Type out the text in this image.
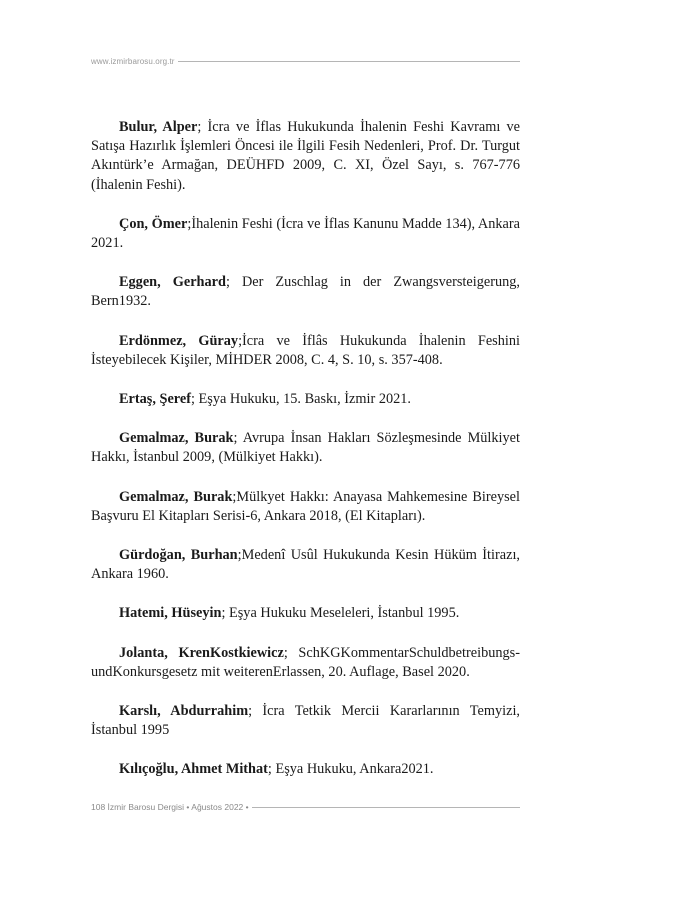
www.izmirbarosu.org.tr

Bulur, Alper; İcra ve İflas Hukukunda İhalenin Feshi Kavramı ve Satışa Hazırlık İşlemleri Öncesi ile İlgili Fesih Nedenleri, Prof. Dr. Turgut Akıntürk’e Armağan, DEÜHFD 2009, C. XI, Özel Sayı, s. 767-776 (İhalenin Feshi).

Çon, Ömer;İhalenin Feshi (İcra ve İflas Kanunu Madde 134), Ankara 2021.

Eggen, Gerhard; Der Zuschlag in der Zwangsversteigerung, Bern1932.

Erdönmez, Güray;İcra ve İflâs Hukukunda İhalenin Feshini İsteyebilecek Kişiler, MİHDER 2008, C. 4, S. 10, s. 357-408.

Ertaş, Şeref; Eşya Hukuku, 15. Baskı, İzmir 2021.

Gemalmaz, Burak; Avrupa İnsan Hakları Sözleşmesinde Mülkiyet Hakkı, İstanbul 2009, (Mülkiyet Hakkı).

Gemalmaz, Burak;Mülkyet Hakkı: Anayasa Mahkemesine Bireysel Başvuru El Kitapları Serisi-6, Ankara 2018, (El Kitapları).

Gürdoğan, Burhan;Medenî Usûl Hukukunda Kesin Hüküm İtirazı, Ankara 1960.

Hatemi, Hüseyin; Eşya Hukuku Meseleleri, İstanbul 1995.

Jolanta, KrenKostkiewicz; SchKGKommentarSchuldbetreibungs- undKonkursgesetz mit weiterenErlassen, 20. Auflage, Basel 2020.

Karslı, Abdurrahim; İcra Tetkik Mercii Kararlarının Temyizi, İstanbul 1995

Kılıçoğlu, Ahmet Mithat; Eşya Hukuku, Ankara2021.

108 İzmir Barosu Dergisi • Ağustos 2022 •
